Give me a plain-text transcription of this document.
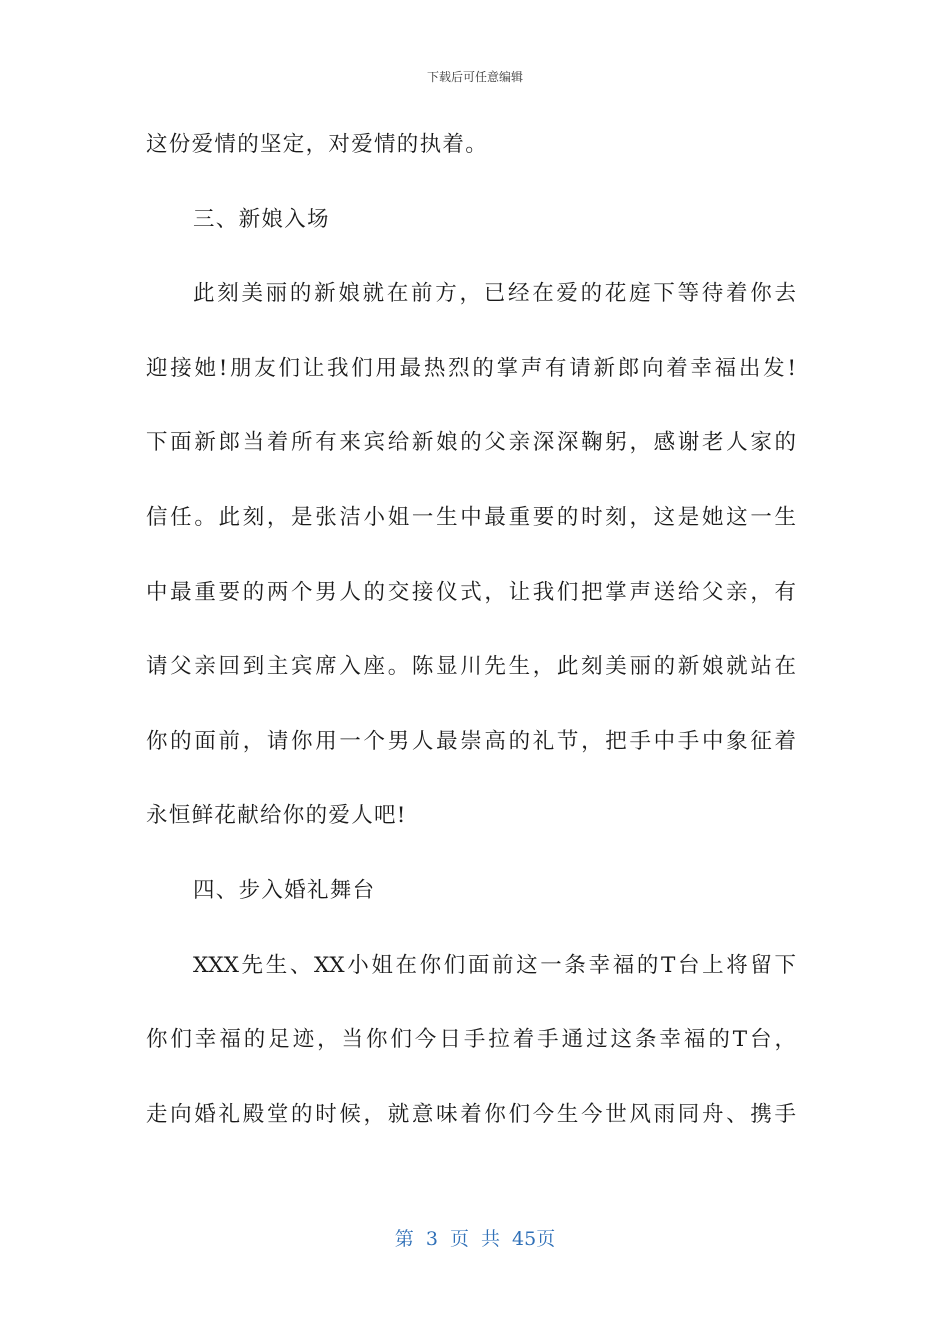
下载后可任意编辑
这份爱情的坚定，对爱情的执着。
三、新娘入场
此刻美丽的新娘就在前方，已经在爱的花庭下等待着你去
迎接她!朋友们让我们用最热烈的掌声有请新郎向着幸福出发!
下面新郎当着所有来宾给新娘的父亲深深鞠躬，感谢老人家的
信任。此刻，是张洁小姐一生中最重要的时刻，这是她这一生
中最重要的两个男人的交接仪式，让我们把掌声送给父亲，有
请父亲回到主宾席入座。陈显川先生，此刻美丽的新娘就站在
你的面前，请你用一个男人最崇高的礼节，把手中手中象征着
永恒鲜花献给你的爱人吧!
四、步入婚礼舞台
XXX先生、XX小姐在你们面前这一条幸福的T台上将留下
你们幸福的足迹，当你们今日手拉着手通过这条幸福的T台，
走向婚礼殿堂的时候，就意味着你们今生今世风雨同舟、携手
第 3 页 共 45页
